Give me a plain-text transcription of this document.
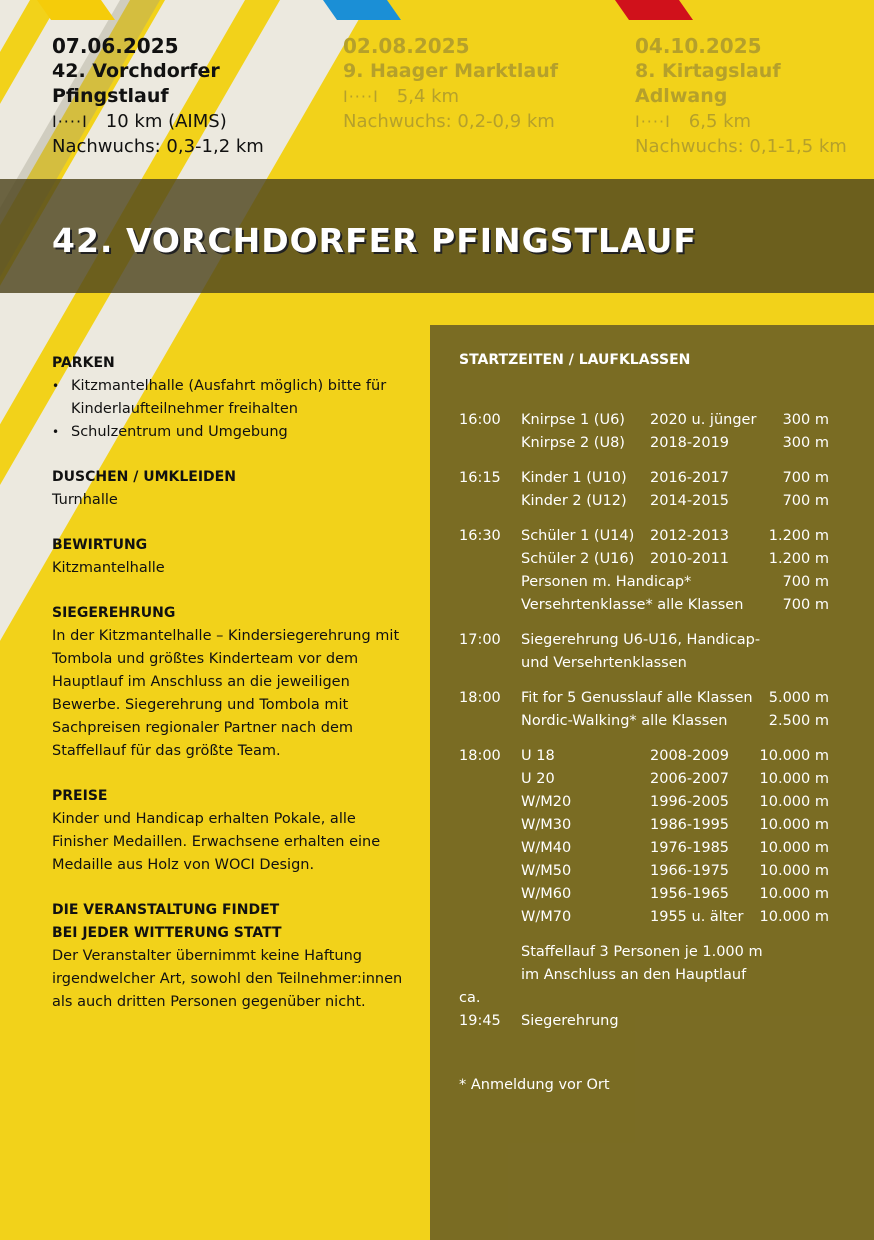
07.06.2025
42. Vorchdorfer
Pfingstlauf
I····I 10 km (AIMS)
Nachwuchs: 0,3-1,2 km
02.08.2025
9. Haager Marktlauf
I····I 5,4 km
Nachwuchs: 0,2-0,9 km
04.10.2025
8. Kirtagslauf Adlwang
I····I 6,5 km
Nachwuchs: 0,1-1,5 km
42. VORCHDORFER PFINGSTLAUF
PARKEN
• Kitzmantelhalle (Ausfahrt möglich) bitte für Kinderlaufteilnehmer freihalten
• Schulzentrum und Umgebung
DUSCHEN / UMKLEIDEN
Turnhalle
BEWIRTUNG
Kitzmantelhalle
SIEGEREHRUNG
In der Kitzmantelhalle – Kindersiegerehrung mit Tombola und größtes Kinderteam vor dem Hauptlauf im Anschluss an die jeweiligen Bewerbe. Siegerehrung und Tombola mit Sachpreisen regionaler Partner nach dem Staffellauf für das größte Team.
PREISE
Kinder und Handicap erhalten Pokale, alle Finisher Medaillen. Erwachsene erhalten eine Medaille aus Holz von WOCI Design.
DIE VERANSTALTUNG FINDET
BEI JEDER WITTERUNG STATT
Der Veranstalter übernimmt keine Haftung irgendwelcher Art, sowohl den Teilnehmer:innen als auch dritten Personen gegenüber nicht.
STARTZEITEN / LAUFKLASSEN
16:00	Knirpse 1 (U6)	2020 u. jünger	300 m
Knirpse 2 (U8)	2018-2019	300 m
16:15	Kinder 1 (U10)	2016-2017	700 m
Kinder 2 (U12)	2014-2015	700 m
16:30	Schüler 1 (U14)	2012-2013	1.200 m
Schüler 2 (U16)	2010-2011	1.200 m
Personen m. Handicap*	700 m
Versehrtenklasse* alle Klassen	700 m
17:00	Siegerehrung U6-U16, Handicap-
und Versehrtenklassen
18:00	Fit for 5 Genusslauf alle Klassen	5.000 m
Nordic-Walking* alle Klassen	2.500 m
18:00	U 18	2008-2009	10.000 m
U 20	2006-2007	10.000 m
W/M20	1996-2005	10.000 m
W/M30	1986-1995	10.000 m
W/M40	1976-1985	10.000 m
W/M50	1966-1975	10.000 m
W/M60	1956-1965	10.000 m
W/M70	1955 u. älter	10.000 m
Staffellauf 3 Personen je 1.000 m
im Anschluss an den Hauptlauf
ca.
19:45	Siegerehrung
* Anmeldung vor Ort
